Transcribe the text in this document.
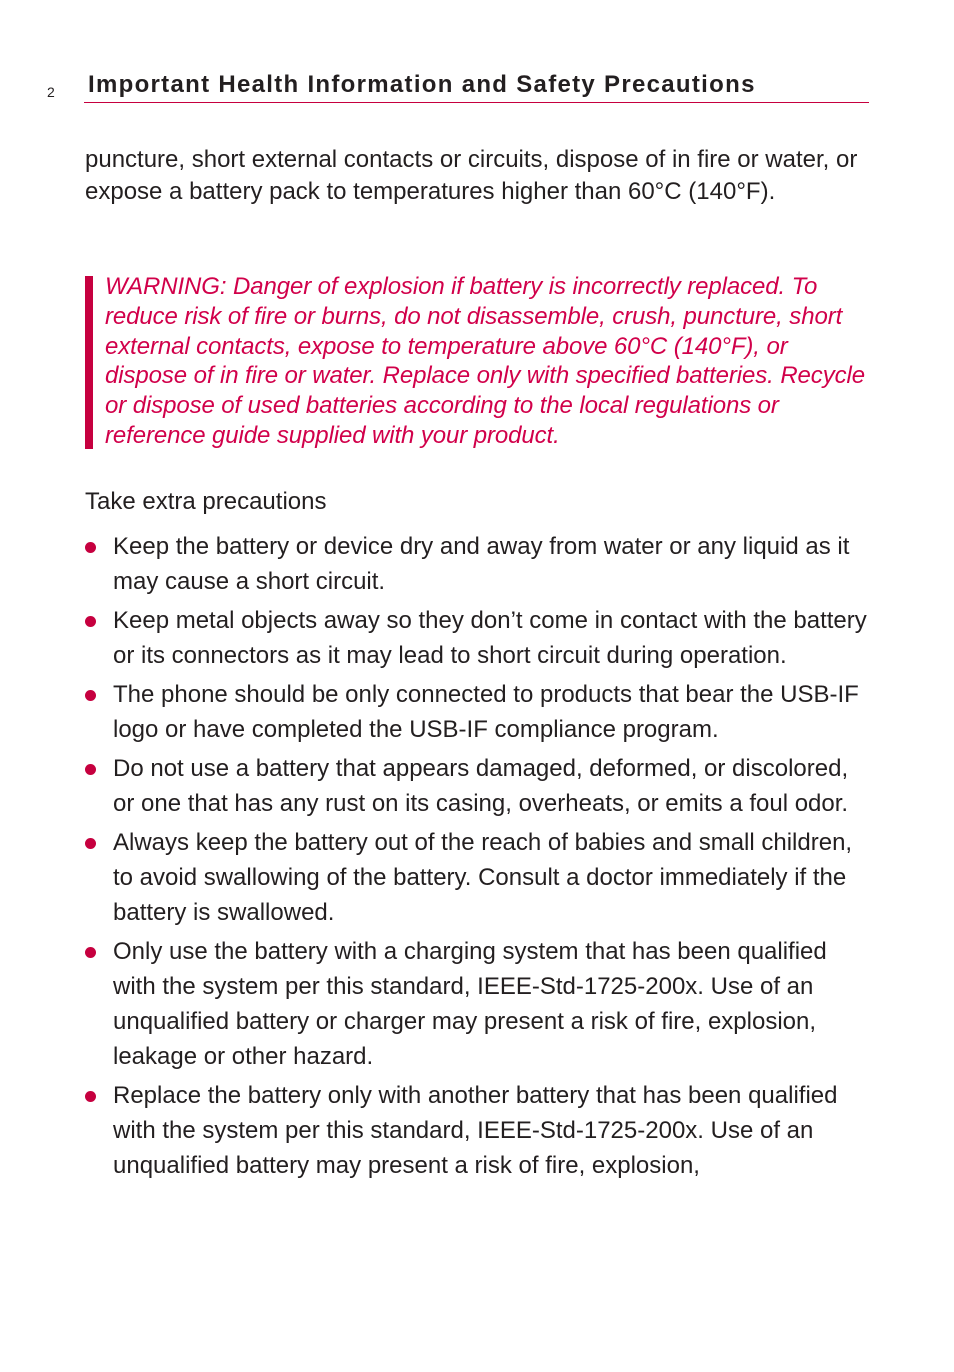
2 Important Health Information and Safety Precautions

puncture, short external contacts or circuits, dispose of in fire or water, or expose a battery pack to temperatures higher than 60°C (140°F).

WARNING: Danger of explosion if battery is incorrectly replaced. To reduce risk of fire or burns, do not disassemble, crush, puncture, short external contacts, expose to temperature above 60°C (140°F), or dispose of in fire or water. Replace only with specified batteries. Recycle or dispose of used batteries according to the local regulations or reference guide supplied with your product.

Take extra precautions

Keep the battery or device dry and away from water or any liquid as it may cause a short circuit.
Keep metal objects away so they don’t come in contact with the battery or its connectors as it may lead to short circuit during operation.
The phone should be only connected to products that bear the USB-IF logo or have completed the USB-IF compliance program.
Do not use a battery that appears damaged, deformed, or discolored, or one that has any rust on its casing, overheats, or emits a foul odor.
Always keep the battery out of the reach of babies and small children, to avoid swallowing of the battery. Consult a doctor immediately if the battery is swallowed.
Only use the battery with a charging system that has been qualified with the system per this standard, IEEE-Std-1725-200x. Use of an unqualified battery or charger may present a risk of fire, explosion, leakage or other hazard.
Replace the battery only with another battery that has been qualified with the system per this standard, IEEE-Std-1725-200x. Use of an unqualified battery may present a risk of fire, explosion,
